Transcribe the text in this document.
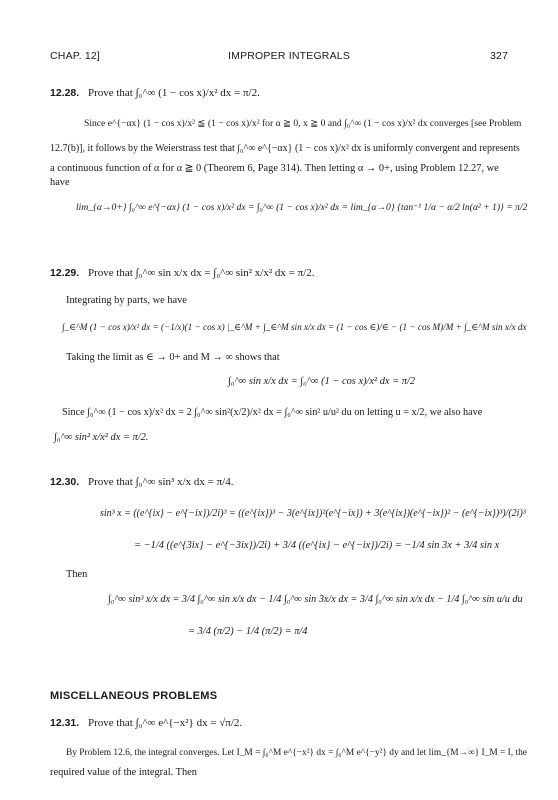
CHAP. 12]	IMPROPER INTEGRALS	327
12.28. Prove that ∫₀^∞ (1 − cos x)/x² dx = π/2.
Since e^{−αx} (1 − cos x)/x² ≦ (1 − cos x)/x² for α ≧ 0, x ≧ 0 and ∫₀^∞ (1 − cos x)/x² dx converges [see Problem
12.7(b)], it follows by the Weierstrass test that ∫₀^∞ e^{−αx} (1 − cos x)/x² dx is uniformly convergent and represents
a continuous function of α for α ≧ 0 (Theorem 6, Page 314). Then letting α → 0+, using Problem 12.27, we
have
lim_{α→0+} ∫₀^∞ e^{−αx} (1 − cos x)/x² dx = ∫₀^∞ (1 − cos x)/x² dx = lim_{α→0} {tan⁻¹ 1/α − α/2 ln(α² + 1)} = π/2
12.29. Prove that ∫₀^∞ sin x/x dx = ∫₀^∞ sin² x/x² dx = π/2.
Integrating by parts, we have
∫_∈^M (1 − cos x)/x² dx = (−1/x)(1 − cos x) |_∈^M + ∫_∈^M sin x/x dx = (1 − cos ∈)/∈ − (1 − cos M)/M + ∫_∈^M sin x/x dx
Taking the limit as ∈ → 0+ and M → ∞ shows that
∫₀^∞ sin x/x dx = ∫₀^∞ (1 − cos x)/x² dx = π/2
Since ∫₀^∞ (1 − cos x)/x² dx = 2 ∫₀^∞ sin²(x/2)/x² dx = ∫₀^∞ sin² u/u² du on letting u = x/2, we also have
∫₀^∞ sin² x/x² dx = π/2.
12.30. Prove that ∫₀^∞ sin³ x/x dx = π/4.
sin³ x = ((e^{ix} − e^{−ix})/2i)³ = ((e^{ix})³ − 3(e^{ix})²(e^{−ix}) + 3(e^{ix})(e^{−ix})² − (e^{−ix})³)/(2i)³
= −1/4 ((e^{3ix} − e^{−3ix})/2i) + 3/4 ((e^{ix} − e^{−ix})/2i) = −1/4 sin 3x + 3/4 sin x
Then
∫₀^∞ sin³ x/x dx = 3/4 ∫₀^∞ sin x/x dx − 1/4 ∫₀^∞ sin 3x/x dx = 3/4 ∫₀^∞ sin x/x dx − 1/4 ∫₀^∞ sin u/u du
= 3/4 (π/2) − 1/4 (π/2) = π/4
MISCELLANEOUS PROBLEMS
12.31. Prove that ∫₀^∞ e^{−x²} dx = √π/2.
By Problem 12.6, the integral converges. Let I_M = ∫₀^M e^{−x²} dx = ∫₀^M e^{−y²} dy and let lim_{M→∞} I_M = I, the
required value of the integral. Then
